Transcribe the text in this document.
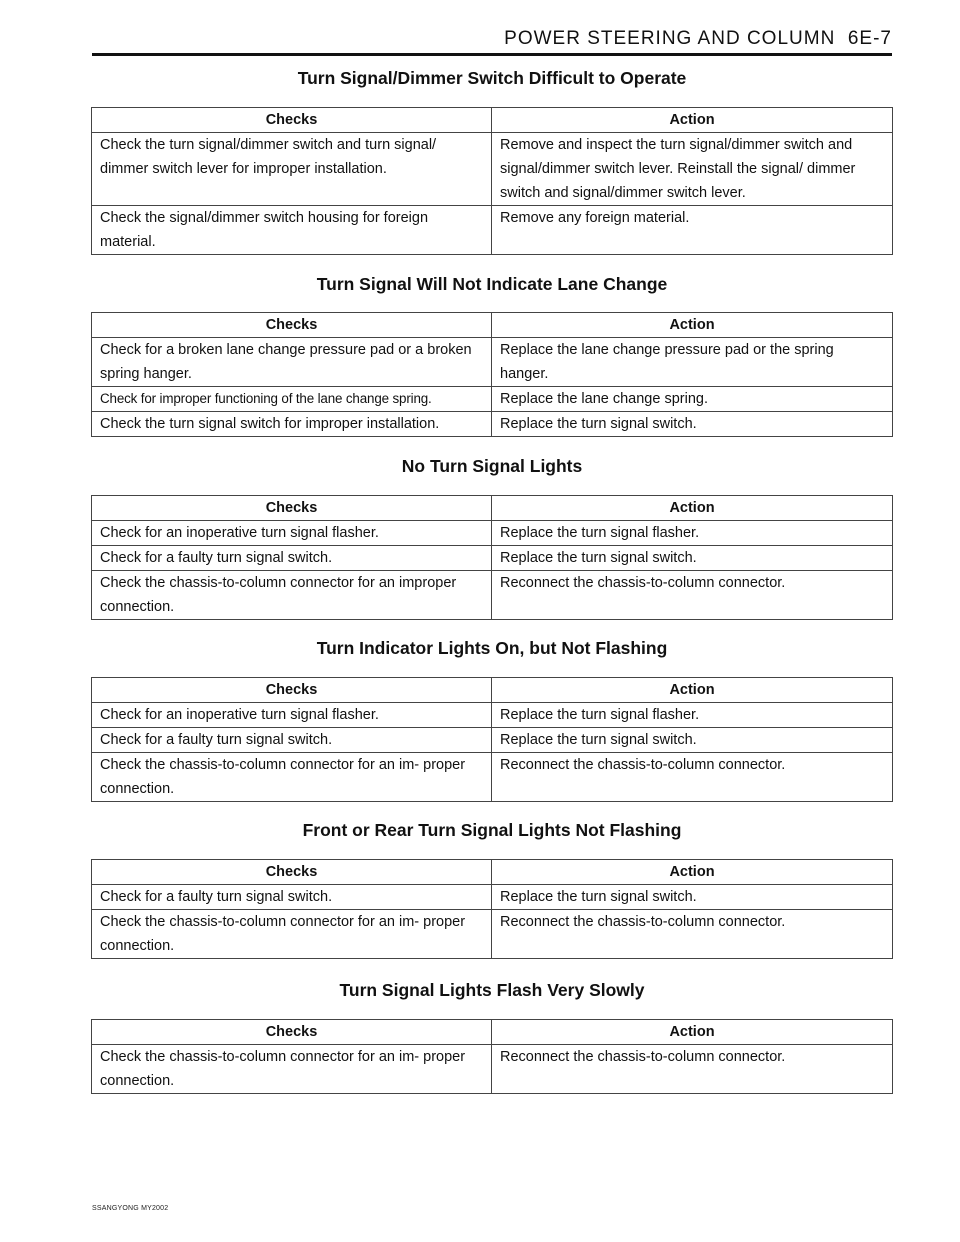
POWER STEERING AND COLUMN 6E-7
Turn Signal/Dimmer Switch Difficult to Operate
Checks	Action
Check the turn signal/dimmer switch and turn signal/ dimmer switch lever for improper installation.	Remove and inspect the turn signal/dimmer switch and signal/dimmer switch lever. Reinstall the signal/ dimmer switch and signal/dimmer switch lever.
Check the signal/dimmer switch housing for foreign material.	Remove any foreign material.
Turn Signal Will Not Indicate Lane Change
Checks	Action
Check for a broken lane change pressure pad or a broken spring hanger.	Replace the lane change pressure pad or the spring hanger.
Check for improper functioning of the lane change spring.	Replace the lane change spring.
Check the turn signal switch for improper installation.	Replace the turn signal switch.
No Turn Signal Lights
Checks	Action
Check for an inoperative turn signal flasher.	Replace the turn signal flasher.
Check for a faulty turn signal switch.	Replace the turn signal switch.
Check the chassis-to-column connector for an improper connection.	Reconnect the chassis-to-column connector.
Turn Indicator Lights On, but Not Flashing
Checks	Action
Check for an inoperative turn signal flasher.	Replace the turn signal flasher.
Check for a faulty turn signal switch.	Replace the turn signal switch.
Check the chassis-to-column connector for an im- proper connection.	Reconnect the chassis-to-column connector.
Front or Rear Turn Signal Lights Not Flashing
Checks	Action
Check for a faulty turn signal switch.	Replace the turn signal switch.
Check the chassis-to-column connector for an im- proper connection.	Reconnect the chassis-to-column connector.
Turn Signal Lights Flash Very Slowly
Checks	Action
Check the chassis-to-column connector for an im- proper connection.	Reconnect the chassis-to-column connector.
SSANGYONG MY2002
